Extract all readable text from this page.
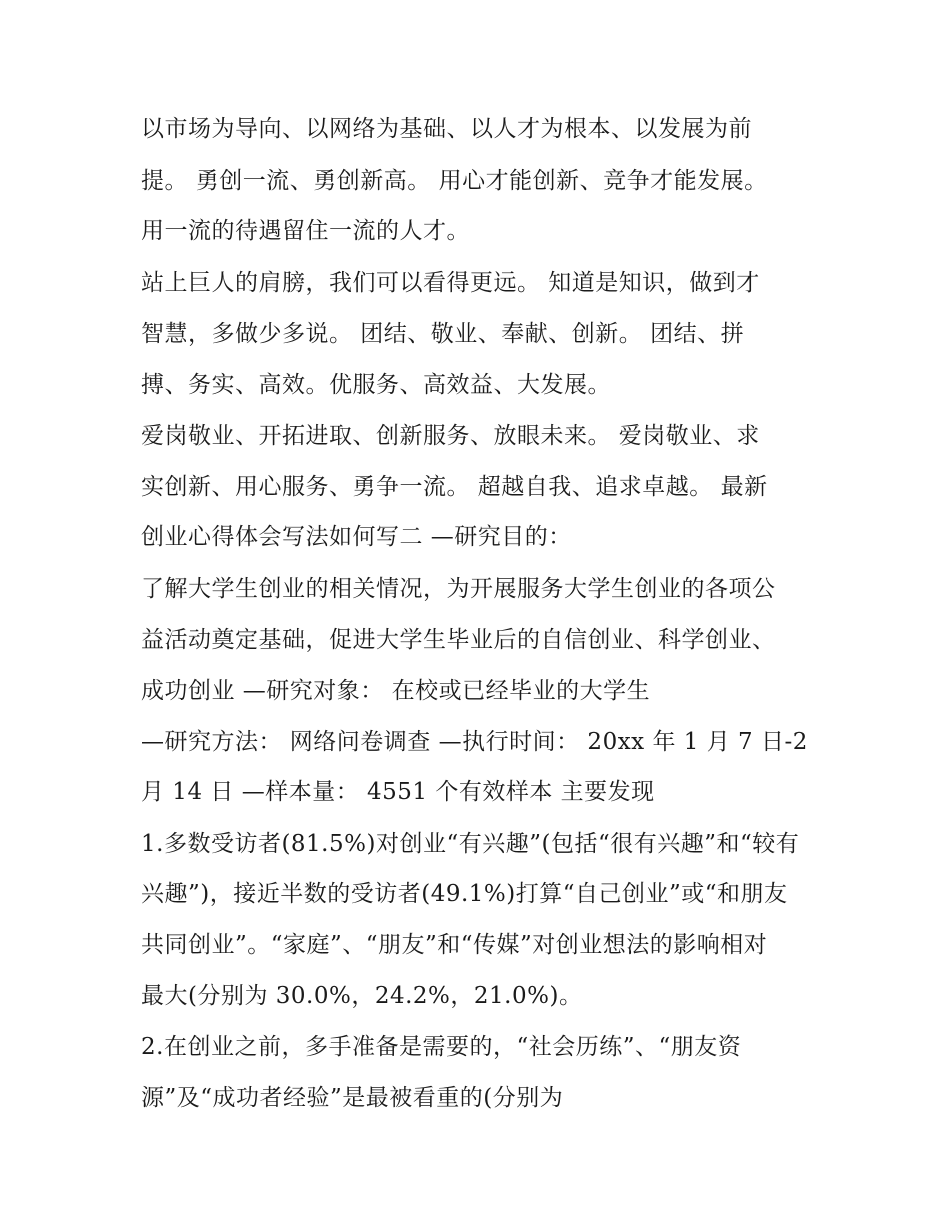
以市场为导向、以网络为基础、以人才为根本、以发展为前
提。 勇创一流、勇创新高。 用心才能创新、竞争才能发展。
用一流的待遇留住一流的人才。
站上巨人的肩膀，我们可以看得更远。 知道是知识，做到才
智慧，多做少多说。 团结、敬业、奉献、创新。 团结、拼
搏、务实、高效。优服务、高效益、大发展。
爱岗敬业、开拓进取、创新服务、放眼未来。 爱岗敬业、求
实创新、用心服务、勇争一流。 超越自我、追求卓越。 最新
创业心得体会写法如何写二 —研究目的：
了解大学生创业的相关情况，为开展服务大学生创业的各项公
益活动奠定基础，促进大学生毕业后的自信创业、科学创业、
成功创业 —研究对象： 在校或已经毕业的大学生
—研究方法： 网络问卷调查 —执行时间： 20xx 年 1 月 7 日-2
月 14 日 —样本量： 4551 个有效样本 主要发现
1.多数受访者(81.5%)对创业“有兴趣”(包括“很有兴趣”和“较有
兴趣”)，接近半数的受访者(49.1%)打算“自己创业”或“和朋友
共同创业”。“家庭”、“朋友”和“传媒”对创业想法的影响相对
最大(分别为 30.0%，24.2%，21.0%)。
2.在创业之前，多手准备是需要的，“社会历练”、“朋友资
源”及“成功者经验”是最被看重的(分别为
